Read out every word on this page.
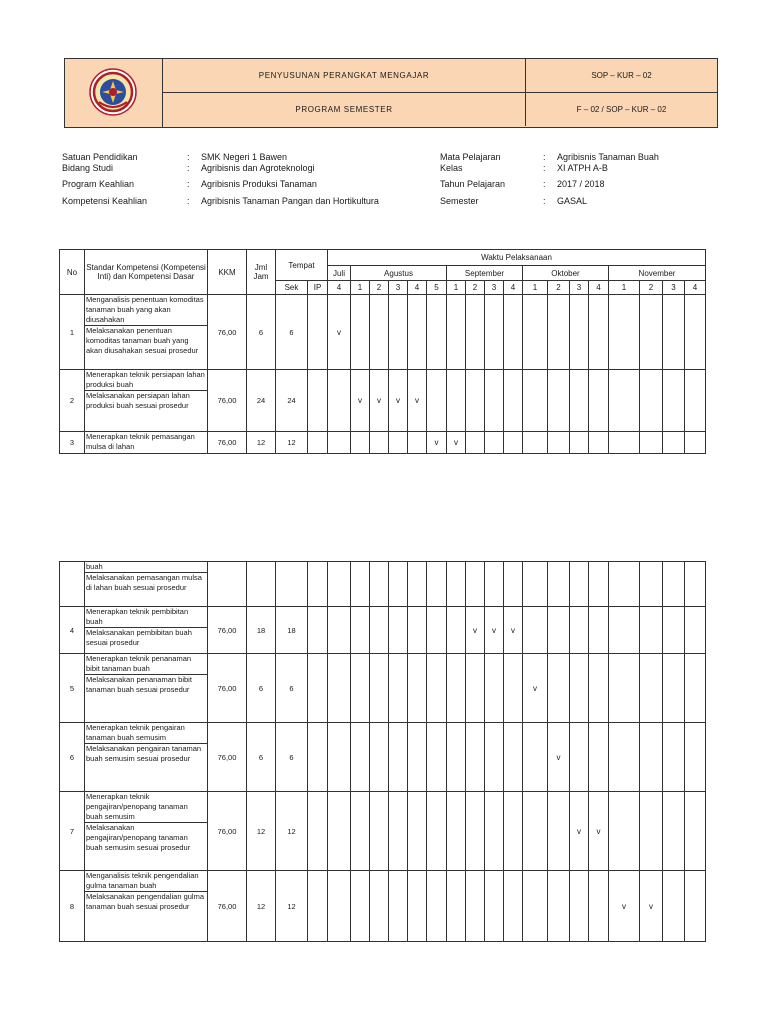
PENYUSUNAN PERANGKAT MENGAJAR	SOP – KUR – 02
PROGRAM SEMESTER	F – 02 / SOP – KUR – 02
Satuan Pendidikan	: SMK Negeri 1 Bawen
Bidang Studi	: Agribisnis dan Agroteknologi
Program Keahlian	: Agribisnis Produksi Tanaman
Kompetensi Keahlian	: Agribisnis Tanaman Pangan dan Hortikultura
Mata Pelajaran	: Agribisnis Tanaman Buah
Kelas	: XI ATPH A-B
Tahun Pelajaran	: 2017 / 2018
Semester	: GASAL
No	Standar Kompetensi (Kompetensi Inti) dan Kompetensi Dasar	KKM	Jml Jam	Tempat		Waktu Pelaksanaan																	
						Juli	Agustus					September				Oktober				November			
				Sek	IP	4	1	2	3	4	5	1	2	3	4	1	2	3	4	1	2	3	4
1	Menganalisis penentuan komoditas tanaman buah yang akan diusahakan
Melaksanakan penentuan komoditas tanaman buah yang akan diusahakan sesuai prosedur	76,00	6	6		v																	
2	Menerapkan teknik persiapan lahan produksi buah
Melaksanakan persiapan lahan produksi buah sesuai prosedur	76,00	24	24			v	v	v	v													
3	Menerapkan teknik pemasangan mulsa di lahan	76,00	12	12							v	v											

	buah
Melaksanakan pemasangan mulsa di lahan buah sesuai prosedur																						

4	Menerapkan teknik pembibitan buah
Melaksanakan pembibitan buah sesuai prosedur	76,00	18	18									v	v	v								
5	Menerapkan teknik penanaman bibit tanaman buah
Melaksanakan penanaman bibit tanaman buah sesuai prosedur	76,00	6	6												v							
6	Menerapkan teknik pengairan tanaman buah semusim
Melaksanakan pengairan tanaman buah semusim sesuai prosedur	76,00	6	6													v						
7	Menerapkan teknik pengajiran/penopang tanaman buah semusim
Melaksanakan pengajiran/penopang tanaman buah semusim sesuai prosedur	76,00	12	12														v	v				
8	Menganalisis teknik pengendalian gulma tanaman buah
Melaksanakan pengendalian gulma tanaman buah sesuai prosedur	76,00	12	12																v	v		
